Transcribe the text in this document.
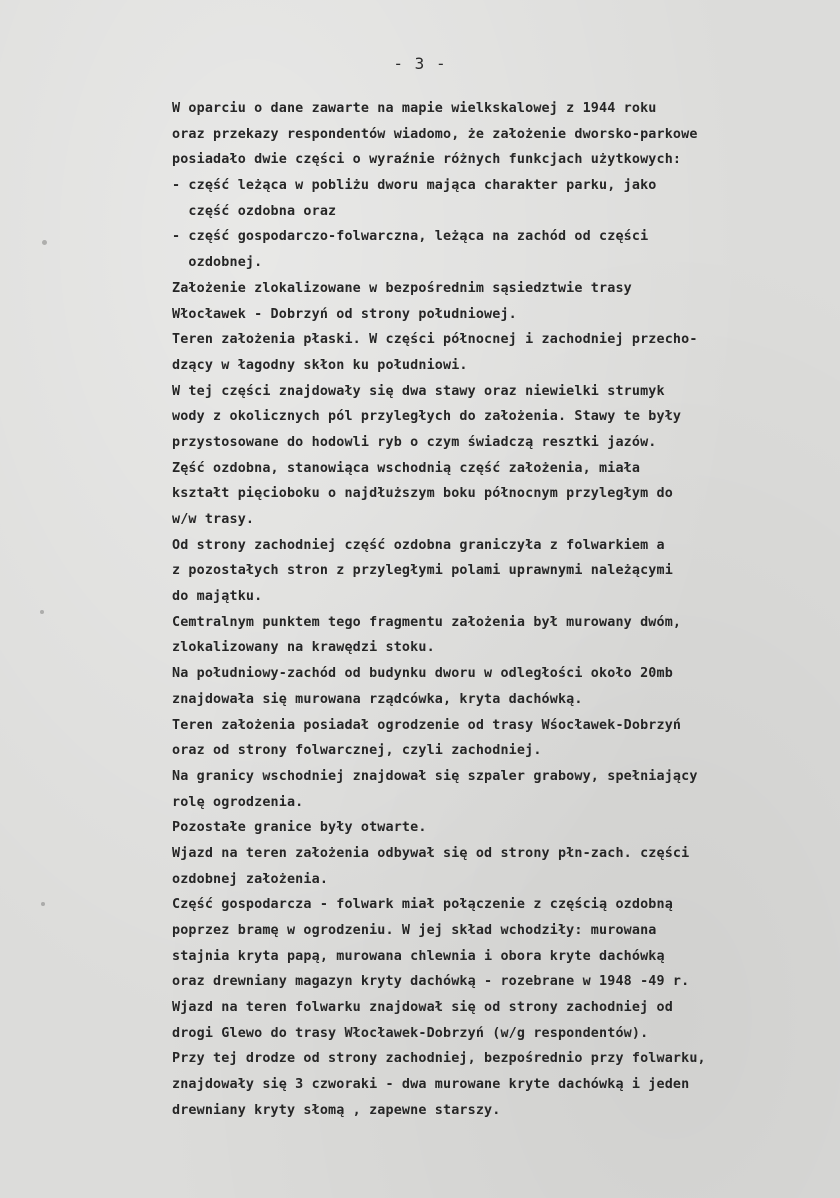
- 3 -
W oparciu o dane zawarte na mapie wielkskalowej z 1944 roku
oraz przekazy respondentów wiadomo, że założenie dworsko-parkowe
posiadało dwie części o wyraźnie różnych funkcjach użytkowych:
- część leżąca w pobliżu dworu mająca charakter parku, jako
część ozdobna oraz
- część gospodarczo-folwarczna, leżąca na zachód od części
ozdobnej.
Założenie zlokalizowane w bezpośrednim sąsiedztwie trasy
Włocławek - Dobrzyń od strony południowej.
Teren założenia płaski. W części północnej i zachodniej przecho-
dzący w łagodny skłon ku południowi.
W tej części znajdowały się dwa stawy oraz niewielki strumyk
wody z okolicznych pól przyległych do założenia. Stawy te były
przystosowane do hodowli ryb o czym świadczą resztki jazów.
Zęść ozdobna, stanowiąca wschodnią część założenia, miała
kształt pięcioboku o najdłuższym boku północnym przyległym do
w/w trasy.
Od strony zachodniej część ozdobna graniczyła z folwarkiem a
z pozostałych stron z przyległymi polami uprawnymi należącymi
do majątku.
Cemtralnym punktem tego fragmentu założenia był murowany dwóm,
zlokalizowany na krawędzi stoku.
Na południowy-zachód od budynku dworu w odległości około 20mb
znajdowała się murowana rządcówka, kryta dachówką.
Teren założenia posiadał ogrodzenie od trasy Wśocławek-Dobrzyń
oraz od strony folwarcznej, czyli zachodniej.
Na granicy wschodniej znajdował się szpaler grabowy, spełniający
rolę ogrodzenia.
Pozostałe granice były otwarte.
Wjazd na teren założenia odbywał się od strony płn-zach. części
ozdobnej założenia.
Część gospodarcza - folwark miał połączenie z częścią ozdobną
poprzez bramę w ogrodzeniu. W jej skład wchodziły: murowana
stajnia kryta papą, murowana chlewnia i obora kryte dachówką
oraz drewniany magazyn kryty dachówką - rozebrane w 1948 -49 r.
Wjazd na teren folwarku znajdował się od strony zachodniej od
drogi Glewo do trasy Włocławek-Dobrzyń (w/g respondentów).
Przy tej drodze od strony zachodniej, bezpośrednio przy folwarku,
znajdowały się 3 czworaki - dwa murowane kryte dachówką i jeden
drewniany kryty słomą , zapewne starszy.
